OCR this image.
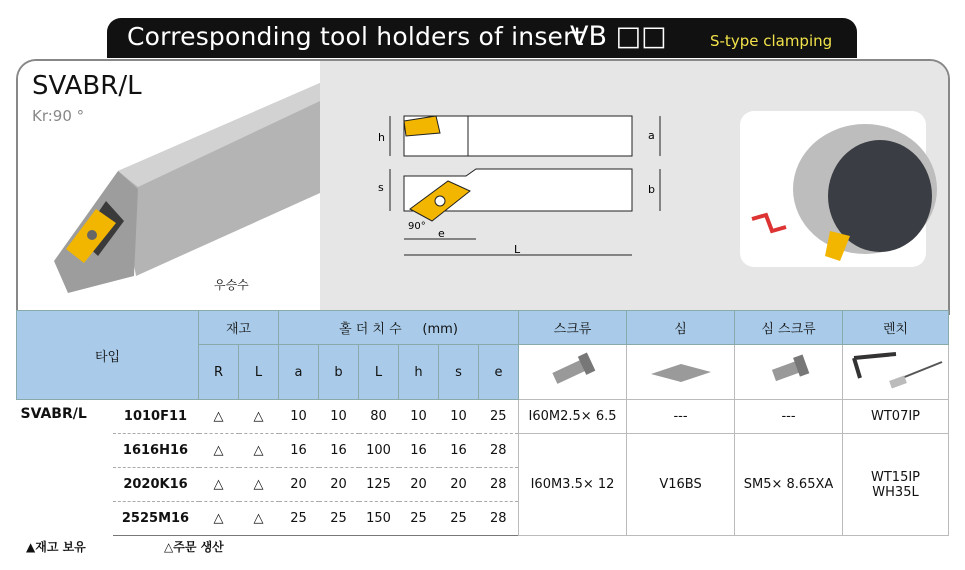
Corresponding tool holders of insert
VB □□	S-type clamping
SVABR/L
Kr:90 °
우승수
h	a
s	b
90°
e
L
타입		재고		홀 더 치 수 (mm)						스크류	심	심 스크류	렌치
		R	L	a	b	L	h	s	e				
SVABR/L	1010F11	△	△	10	10	80	10	10	25	I60M2.5× 6.5	---	---	WT07IP
	1616H16	△	△	16	16	100	16	16	28	I60M3.5× 12	V16BS	SM5× 8.65XA	WT15IP
WH35L
	2020K16	△	△	20	20	125	20	20	28				
	2525M16	△	△	25	25	150	25	25	28				
▲재고 보유	△주문 생산
